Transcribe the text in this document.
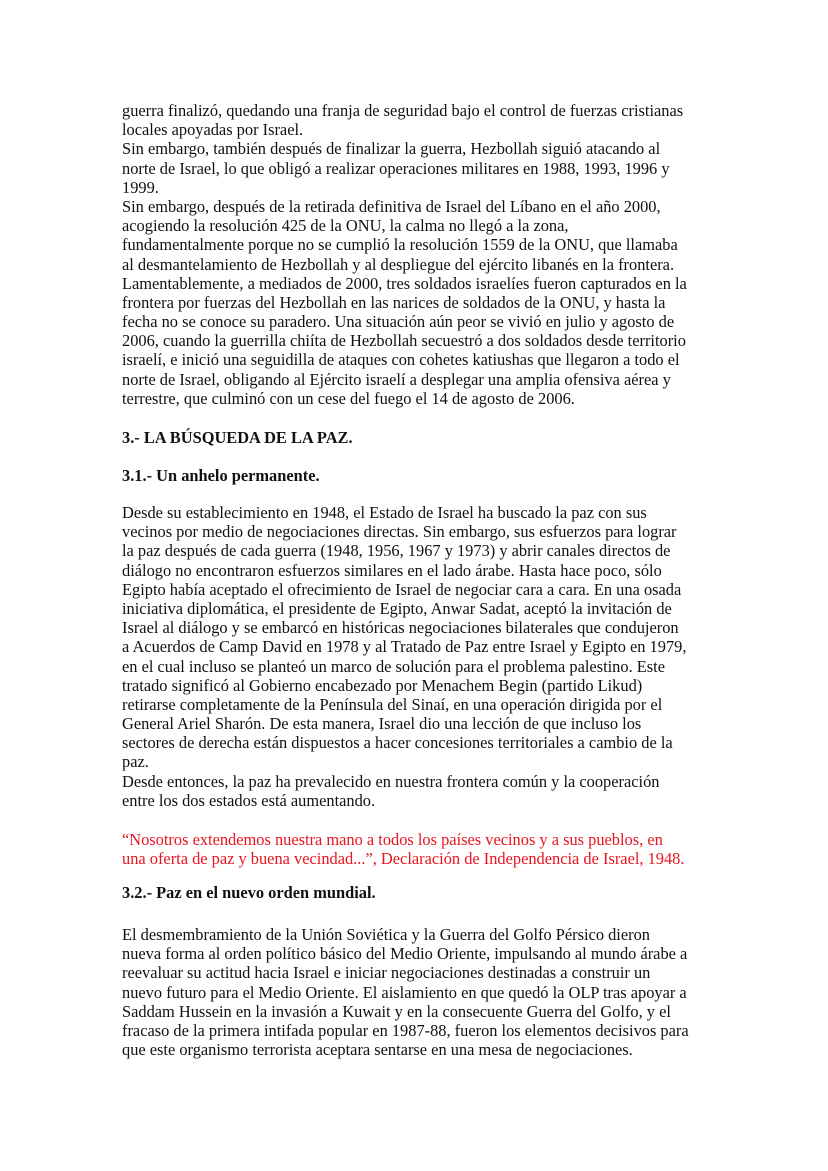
guerra finalizó, quedando una franja de seguridad bajo el control de fuerzas cristianas
locales apoyadas por Israel.
Sin embargo, también después de finalizar la guerra, Hezbollah siguió atacando al
norte de Israel, lo que obligó a realizar operaciones militares en 1988, 1993, 1996 y
1999.
Sin embargo, después de la retirada definitiva de Israel del Líbano en el año 2000,
acogiendo la resolución 425 de la ONU, la calma no llegó a la zona,
fundamentalmente porque no se cumplió la resolución 1559 de la ONU, que llamaba
al desmantelamiento de Hezbollah y al despliegue del ejército libanés en la frontera.
Lamentablemente, a mediados de 2000, tres soldados israelíes fueron capturados en la
frontera por fuerzas del Hezbollah en las narices de soldados de la ONU, y hasta la
fecha no se conoce su paradero. Una situación aún peor se vivió en julio y agosto de
2006, cuando la guerrilla chiíta de Hezbollah secuestró a dos soldados desde territorio
israelí, e inició una seguidilla de ataques con cohetes katiushas que llegaron a todo el
norte de Israel, obligando al Ejército israelí a desplegar una amplia ofensiva aérea y
terrestre, que culminó con un cese del fuego el 14 de agosto de 2006.
3.- LA BÚSQUEDA DE LA PAZ.
3.1.- Un anhelo permanente.
Desde su establecimiento en 1948, el Estado de Israel ha buscado la paz con sus
vecinos por medio de negociaciones directas. Sin embargo, sus esfuerzos para lograr
la paz después de cada guerra (1948, 1956, 1967 y 1973) y abrir canales directos de
diálogo no encontraron esfuerzos similares en el lado árabe. Hasta hace poco, sólo
Egipto había aceptado el ofrecimiento de Israel de negociar cara a cara. En una osada
iniciativa diplomática, el presidente de Egipto, Anwar Sadat, aceptó la invitación de
Israel al diálogo y se embarcó en históricas negociaciones bilaterales que condujeron
a Acuerdos de Camp David en 1978 y al Tratado de Paz entre Israel y Egipto en 1979,
en el cual incluso se planteó un marco de solución para el problema palestino. Este
tratado significó al Gobierno encabezado por Menachem Begin (partido Likud)
retirarse completamente de la Península del Sinaí, en una operación dirigida por el
General Ariel Sharón. De esta manera, Israel dio una lección de que incluso los
sectores de derecha están dispuestos a hacer concesiones territoriales a cambio de la
paz.
Desde entonces, la paz ha prevalecido en nuestra frontera común y la cooperación
entre los dos estados está aumentando.
“Nosotros extendemos nuestra mano a todos los países vecinos y a sus pueblos, en
una oferta de paz y buena vecindad...”, Declaración de Independencia de Israel, 1948.
3.2.- Paz en el nuevo orden mundial.
El desmembramiento de la Unión Soviética y la Guerra del Golfo Pérsico dieron
nueva forma al orden político básico del Medio Oriente, impulsando al mundo árabe a
reevaluar su actitud hacia Israel e iniciar negociaciones destinadas a construir un
nuevo futuro para el Medio Oriente. El aislamiento en que quedó la OLP tras apoyar a
Saddam Hussein en la invasión a Kuwait y en la consecuente Guerra del Golfo, y el
fracaso de la primera intifada popular en 1987-88, fueron los elementos decisivos para
que este organismo terrorista aceptara sentarse en una mesa de negociaciones.
